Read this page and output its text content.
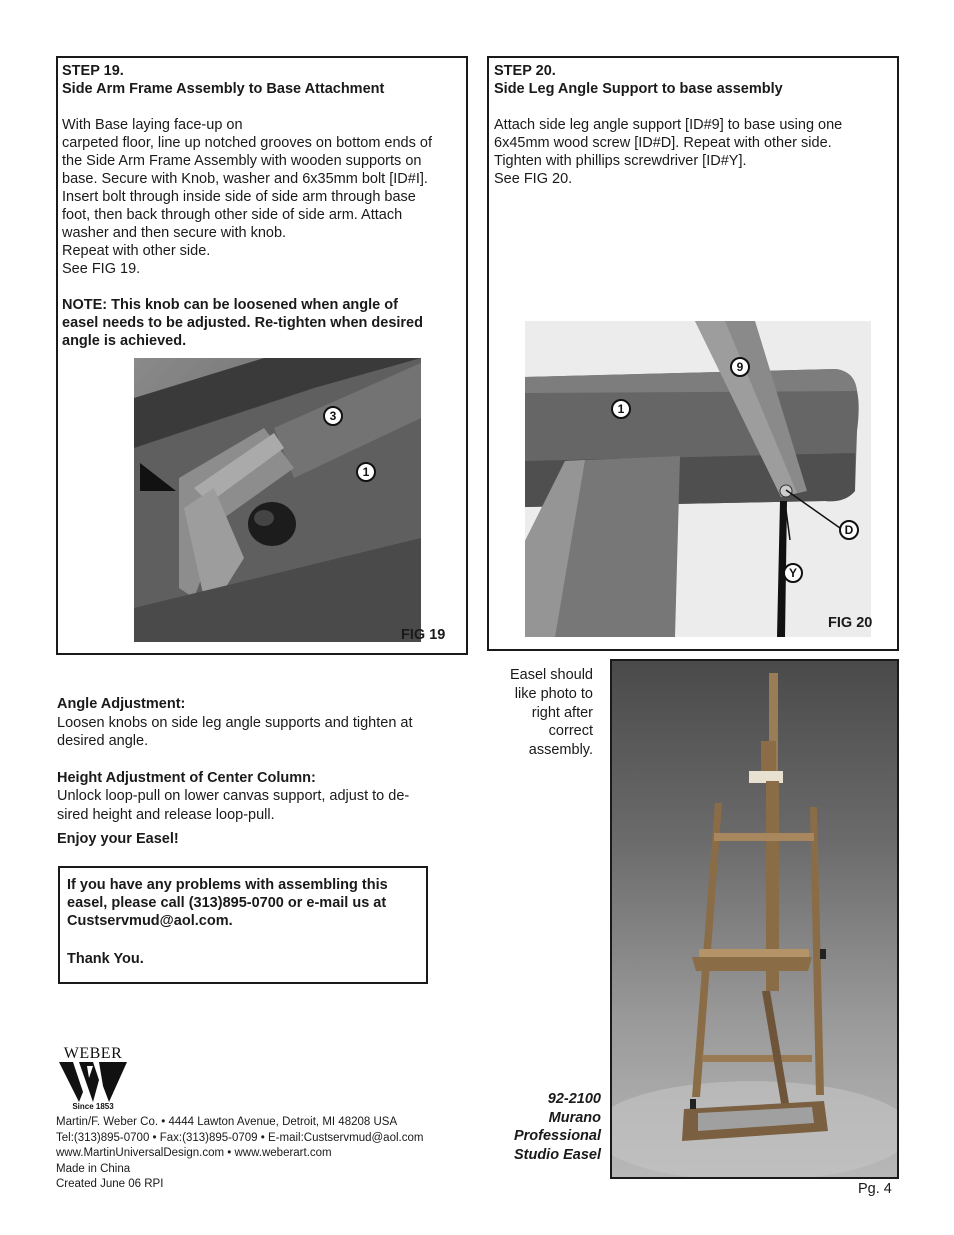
STEP 19.
Side Arm Frame Assembly to Base Attachment
With Base laying face-up on
carpeted floor, line up notched grooves on bottom ends of
the Side Arm Frame Assembly with wooden supports on
base. Secure with Knob, washer and 6x35mm bolt [ID#I].
Insert bolt through inside side of side arm through base
foot, then back through other side of side arm. Attach
washer and then secure with knob.
Repeat with other side.
See FIG 19.
NOTE: This knob can be loosened when angle of
easel needs to be adjusted. Re-tighten when desired
angle is achieved.
3
1
FIG 19
STEP 20.
Side Leg Angle Support to base assembly
Attach side leg angle support [ID#9] to base using one
6x45mm wood screw [ID#D]. Repeat with other side.
Tighten with phillips screwdriver [ID#Y].
See FIG 20.
9
1
D
Y
FIG 20
Angle Adjustment:
Loosen knobs on side leg angle supports and tighten at
desired angle.
Height Adjustment of Center Column:
Unlock loop-pull on lower canvas support, adjust to de-
sired height and release loop-pull.
Enjoy your Easel!
If you have any problems with assembling this
easel, please call (313)895-0700 or e-mail us at
Custservmud@aol.com.
Thank You.
Easel should
like photo to
right after
correct
assembly.
92-2100
Murano
Professional
Studio Easel
WEBER
Since 1853
Martin/F. Weber Co. • 4444 Lawton Avenue, Detroit, MI 48208 USA
Tel:(313)895-0700 • Fax:(313)895-0709 • E-mail:Custservmud@aol.com
www.MartinUniversalDesign.com • www.weberart.com
Made in China
Created June 06 RPI	Pg. 4
